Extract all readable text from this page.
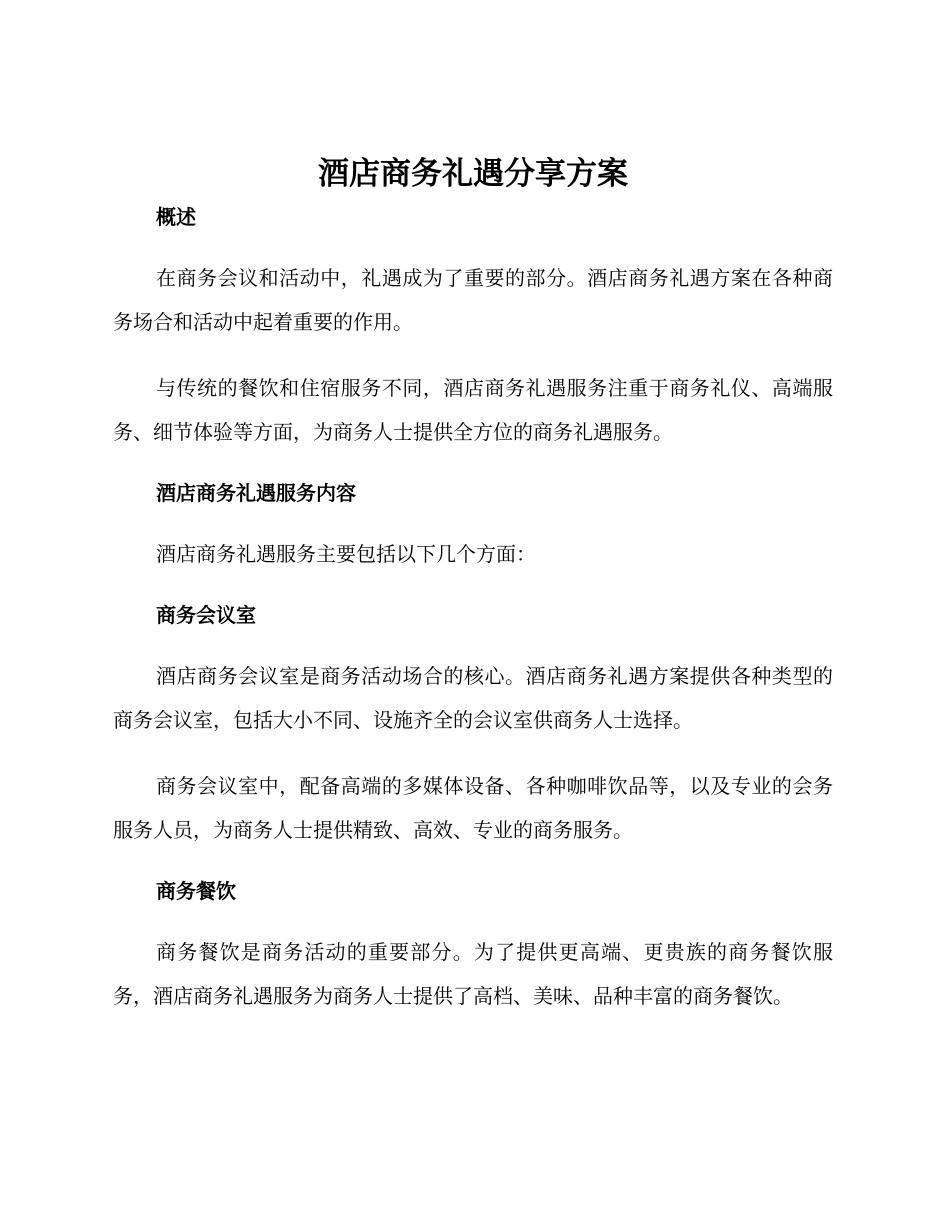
酒店商务礼遇分享方案
概述

在商务会议和活动中，礼遇成为了重要的部分。酒店商务礼遇方案在各种商务场合和活动中起着重要的作用。

与传统的餐饮和住宿服务不同，酒店商务礼遇服务注重于商务礼仪、高端服务、细节体验等方面，为商务人士提供全方位的商务礼遇服务。

酒店商务礼遇服务内容

酒店商务礼遇服务主要包括以下几个方面：

商务会议室

酒店商务会议室是商务活动场合的核心。酒店商务礼遇方案提供各种类型的商务会议室，包括大小不同、设施齐全的会议室供商务人士选择。

商务会议室中，配备高端的多媒体设备、各种咖啡饮品等，以及专业的会务服务人员，为商务人士提供精致、高效、专业的商务服务。

商务餐饮

商务餐饮是商务活动的重要部分。为了提供更高端、更贵族的商务餐饮服务，酒店商务礼遇服务为商务人士提供了高档、美味、品种丰富的商务餐饮。
